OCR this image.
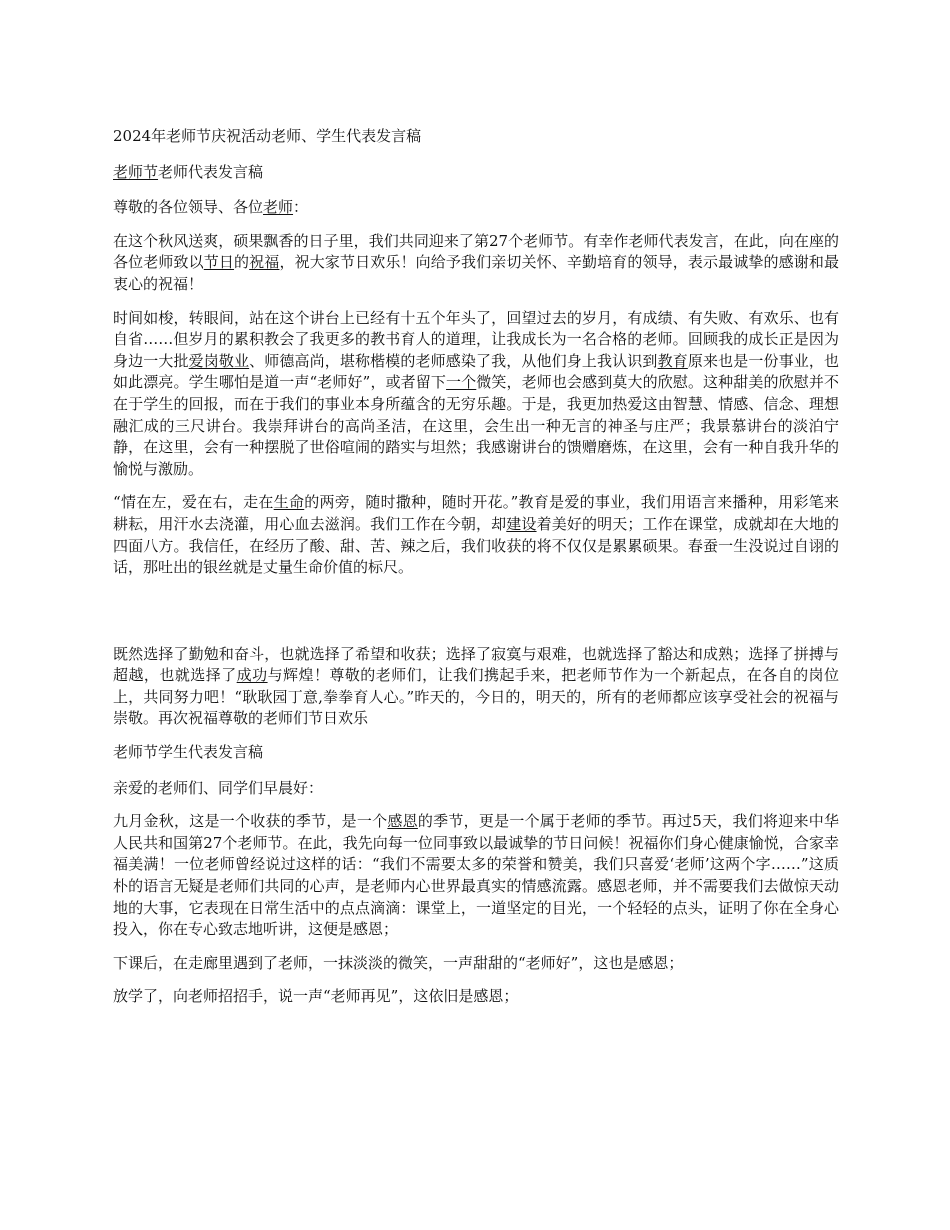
2024年老师节庆祝活动老师、学生代表发言稿

老师节老师代表发言稿

尊敬的各位领导、各位老师：

在这个秋风送爽，硕果飘香的日子里，我们共同迎来了第27个老师节。有幸作老师代表发言，在此，向在座的各位老师致以节日的祝福，祝大家节日欢乐！向给予我们亲切关怀、辛勤培育的领导，表示最诚挚的感谢和最衷心的祝福！

时间如梭，转眼间，站在这个讲台上已经有十五个年头了，回望过去的岁月，有成绩、有失败、有欢乐、也有自省……但岁月的累积教会了我更多的教书育人的道理，让我成长为一名合格的老师。回顾我的成长正是因为身边一大批爱岗敬业、师德高尚，堪称楷模的老师感染了我，从他们身上我认识到教育原来也是一份事业，也如此漂亮。学生哪怕是道一声“老师好”，或者留下一个微笑，老师也会感到莫大的欣慰。这种甜美的欣慰并不在于学生的回报，而在于我们的事业本身所蕴含的无穷乐趣。于是，我更加热爱这由智慧、情感、信念、理想融汇成的三尺讲台。我崇拜讲台的高尚圣洁，在这里，会生出一种无言的神圣与庄严；我景慕讲台的淡泊宁静，在这里，会有一种摆脱了世俗喧闹的踏实与坦然；我感谢讲台的馈赠磨炼，在这里，会有一种自我升华的愉悦与激励。

“情在左，爱在右，走在生命的两旁，随时撒种，随时开花。”教育是爱的事业，我们用语言来播种，用彩笔来耕耘，用汗水去浇灌，用心血去滋润。我们工作在今朝，却建设着美好的明天；工作在课堂，成就却在大地的四面八方。我信任，在经历了酸、甜、苦、辣之后，我们收获的将不仅仅是累累硕果。春蚕一生没说过自诩的话，那吐出的银丝就是丈量生命价值的标尺。

既然选择了勤勉和奋斗，也就选择了希望和收获；选择了寂寞与艰难，也就选择了豁达和成熟；选择了拼搏与超越，也就选择了成功与辉煌！尊敬的老师们，让我们携起手来，把老师节作为一个新起点，在各自的岗位上，共同努力吧！“耿耿园丁意,拳拳育人心。”昨天的，今日的，明天的，所有的老师都应该享受社会的祝福与崇敬。再次祝福尊敬的老师们节日欢乐

老师节学生代表发言稿

亲爱的老师们、同学们早晨好：

九月金秋，这是一个收获的季节，是一个感恩的季节，更是一个属于老师的季节。再过5天，我们将迎来中华人民共和国第27个老师节。在此，我先向每一位同事致以最诚挚的节日问候！祝福你们身心健康愉悦，合家幸福美满！一位老师曾经说过这样的话：“我们不需要太多的荣誉和赞美，我们只喜爱‘老师’这两个字……”这质朴的语言无疑是老师们共同的心声，是老师内心世界最真实的情感流露。感恩老师，并不需要我们去做惊天动地的大事，它表现在日常生活中的点点滴滴：课堂上，一道坚定的目光，一个轻轻的点头，证明了你在全身心投入，你在专心致志地听讲，这便是感恩；

下课后，在走廊里遇到了老师，一抹淡淡的微笑，一声甜甜的“老师好”，这也是感恩；

放学了，向老师招招手，说一声“老师再见”，这依旧是感恩；
